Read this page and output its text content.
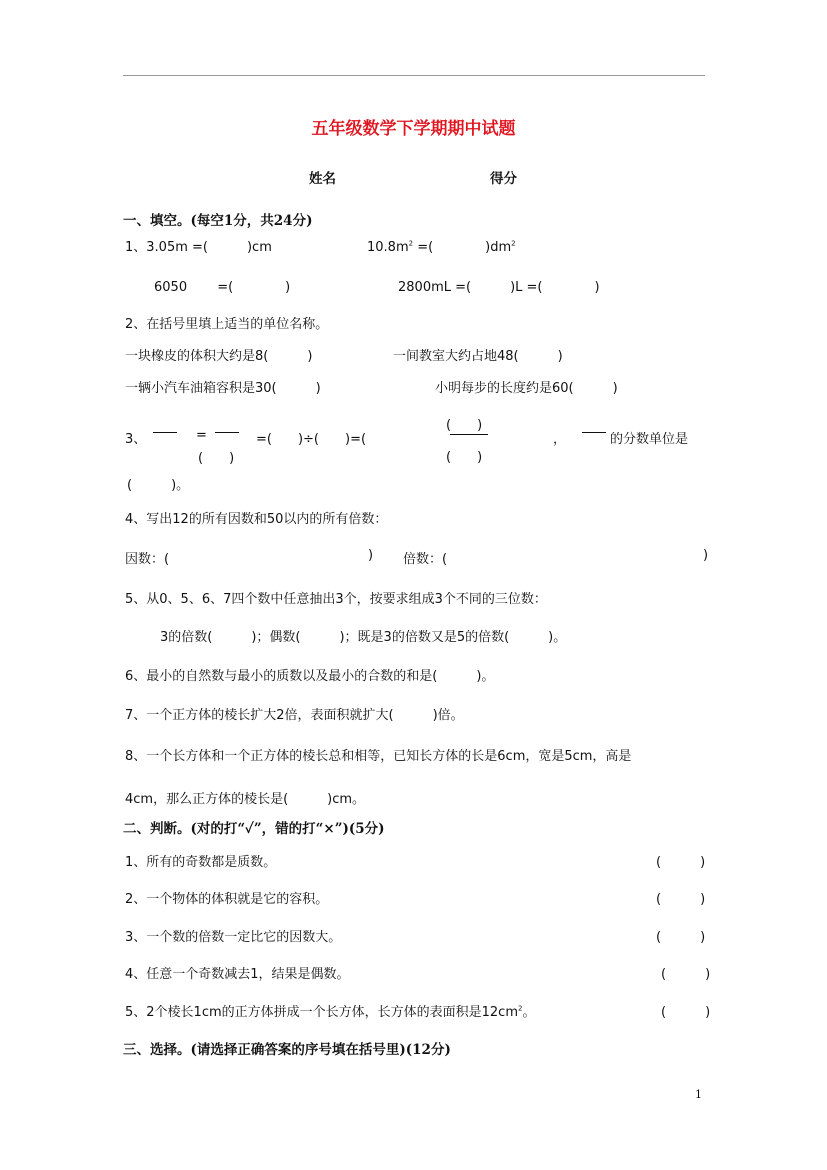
五年级数学下学期期中试题
姓名	得分
一、填空。(每空1分，共24分)
1、3.05m =(　　　)cm	$10.8m^2$ =(　　　　)$dm^2$
6050　　 =(　　　　)	2800mL =(　　　)L =(　　　　)
2、在括号里填上适当的单位名称。
一块橡皮的体积大约是8(　　　)	一间教室大约占地48(　　　)
一辆小汽车油箱容积是30(　　　)	小明每步的长度约是60(　　　)
3、	=
(　　)
=(　　)÷(　　)=(
(　　)
(　　)
，	的分数单位是
(　　　)。
4、写出12的所有因数和50以内的所有倍数：
因数：(	) 倍数：(	)
5、从0、5、6、7四个数中任意抽出3个，按要求组成3个不同的三位数：
3的倍数(　　　)；偶数(　　　)；既是3的倍数又是5的倍数(　　　)。
6、最小的自然数与最小的质数以及最小的合数的和是(　　　)。
7、一个正方体的棱长扩大2倍，表面积就扩大(　　　)倍。
8、一个长方体和一个正方体的棱长总和相等，已知长方体的长是6cm，宽是5cm，高是
4cm，那么正方体的棱长是(　　　)cm。
二、判断。(对的打“✓”，错的打“×”)(5分)
1、所有的奇数都是质数。	(　　　)
2、一个物体的体积就是它的容积。	(　　　)
3、一个数的倍数一定比它的因数大。	(　　　)
4、任意一个奇数减去1，结果是偶数。	(　　　)
5、2个棱长1cm的正方体拼成一个长方体，长方体的表面积是$12cm^2$。	(　　　)
三、选择。(请选择正确答案的序号填在括号里)(12分)
1
